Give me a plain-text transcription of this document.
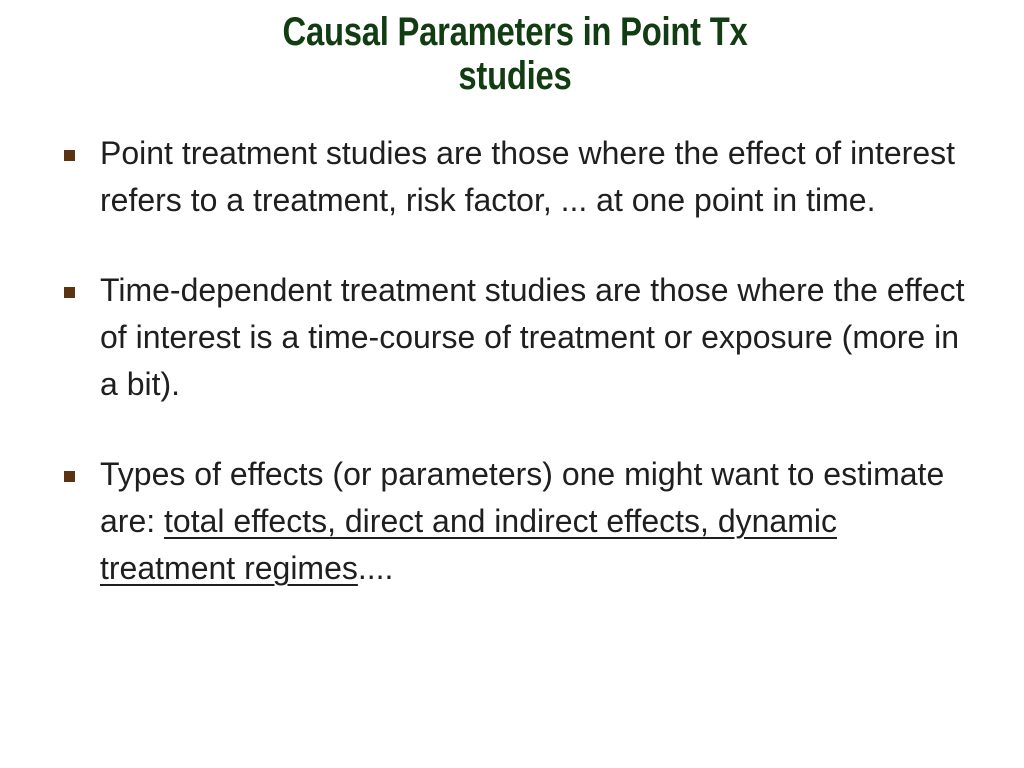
Causal Parameters in Point Tx
studies
Point treatment studies are those where the effect of interest refers to a treatment, risk factor, ... at one point in time.
Time-dependent treatment studies are those where the effect of interest is a time-course of treatment or exposure (more in a bit).
Types of effects (or parameters) one might want to estimate are: total effects, direct and indirect effects, dynamic treatment regimes....
